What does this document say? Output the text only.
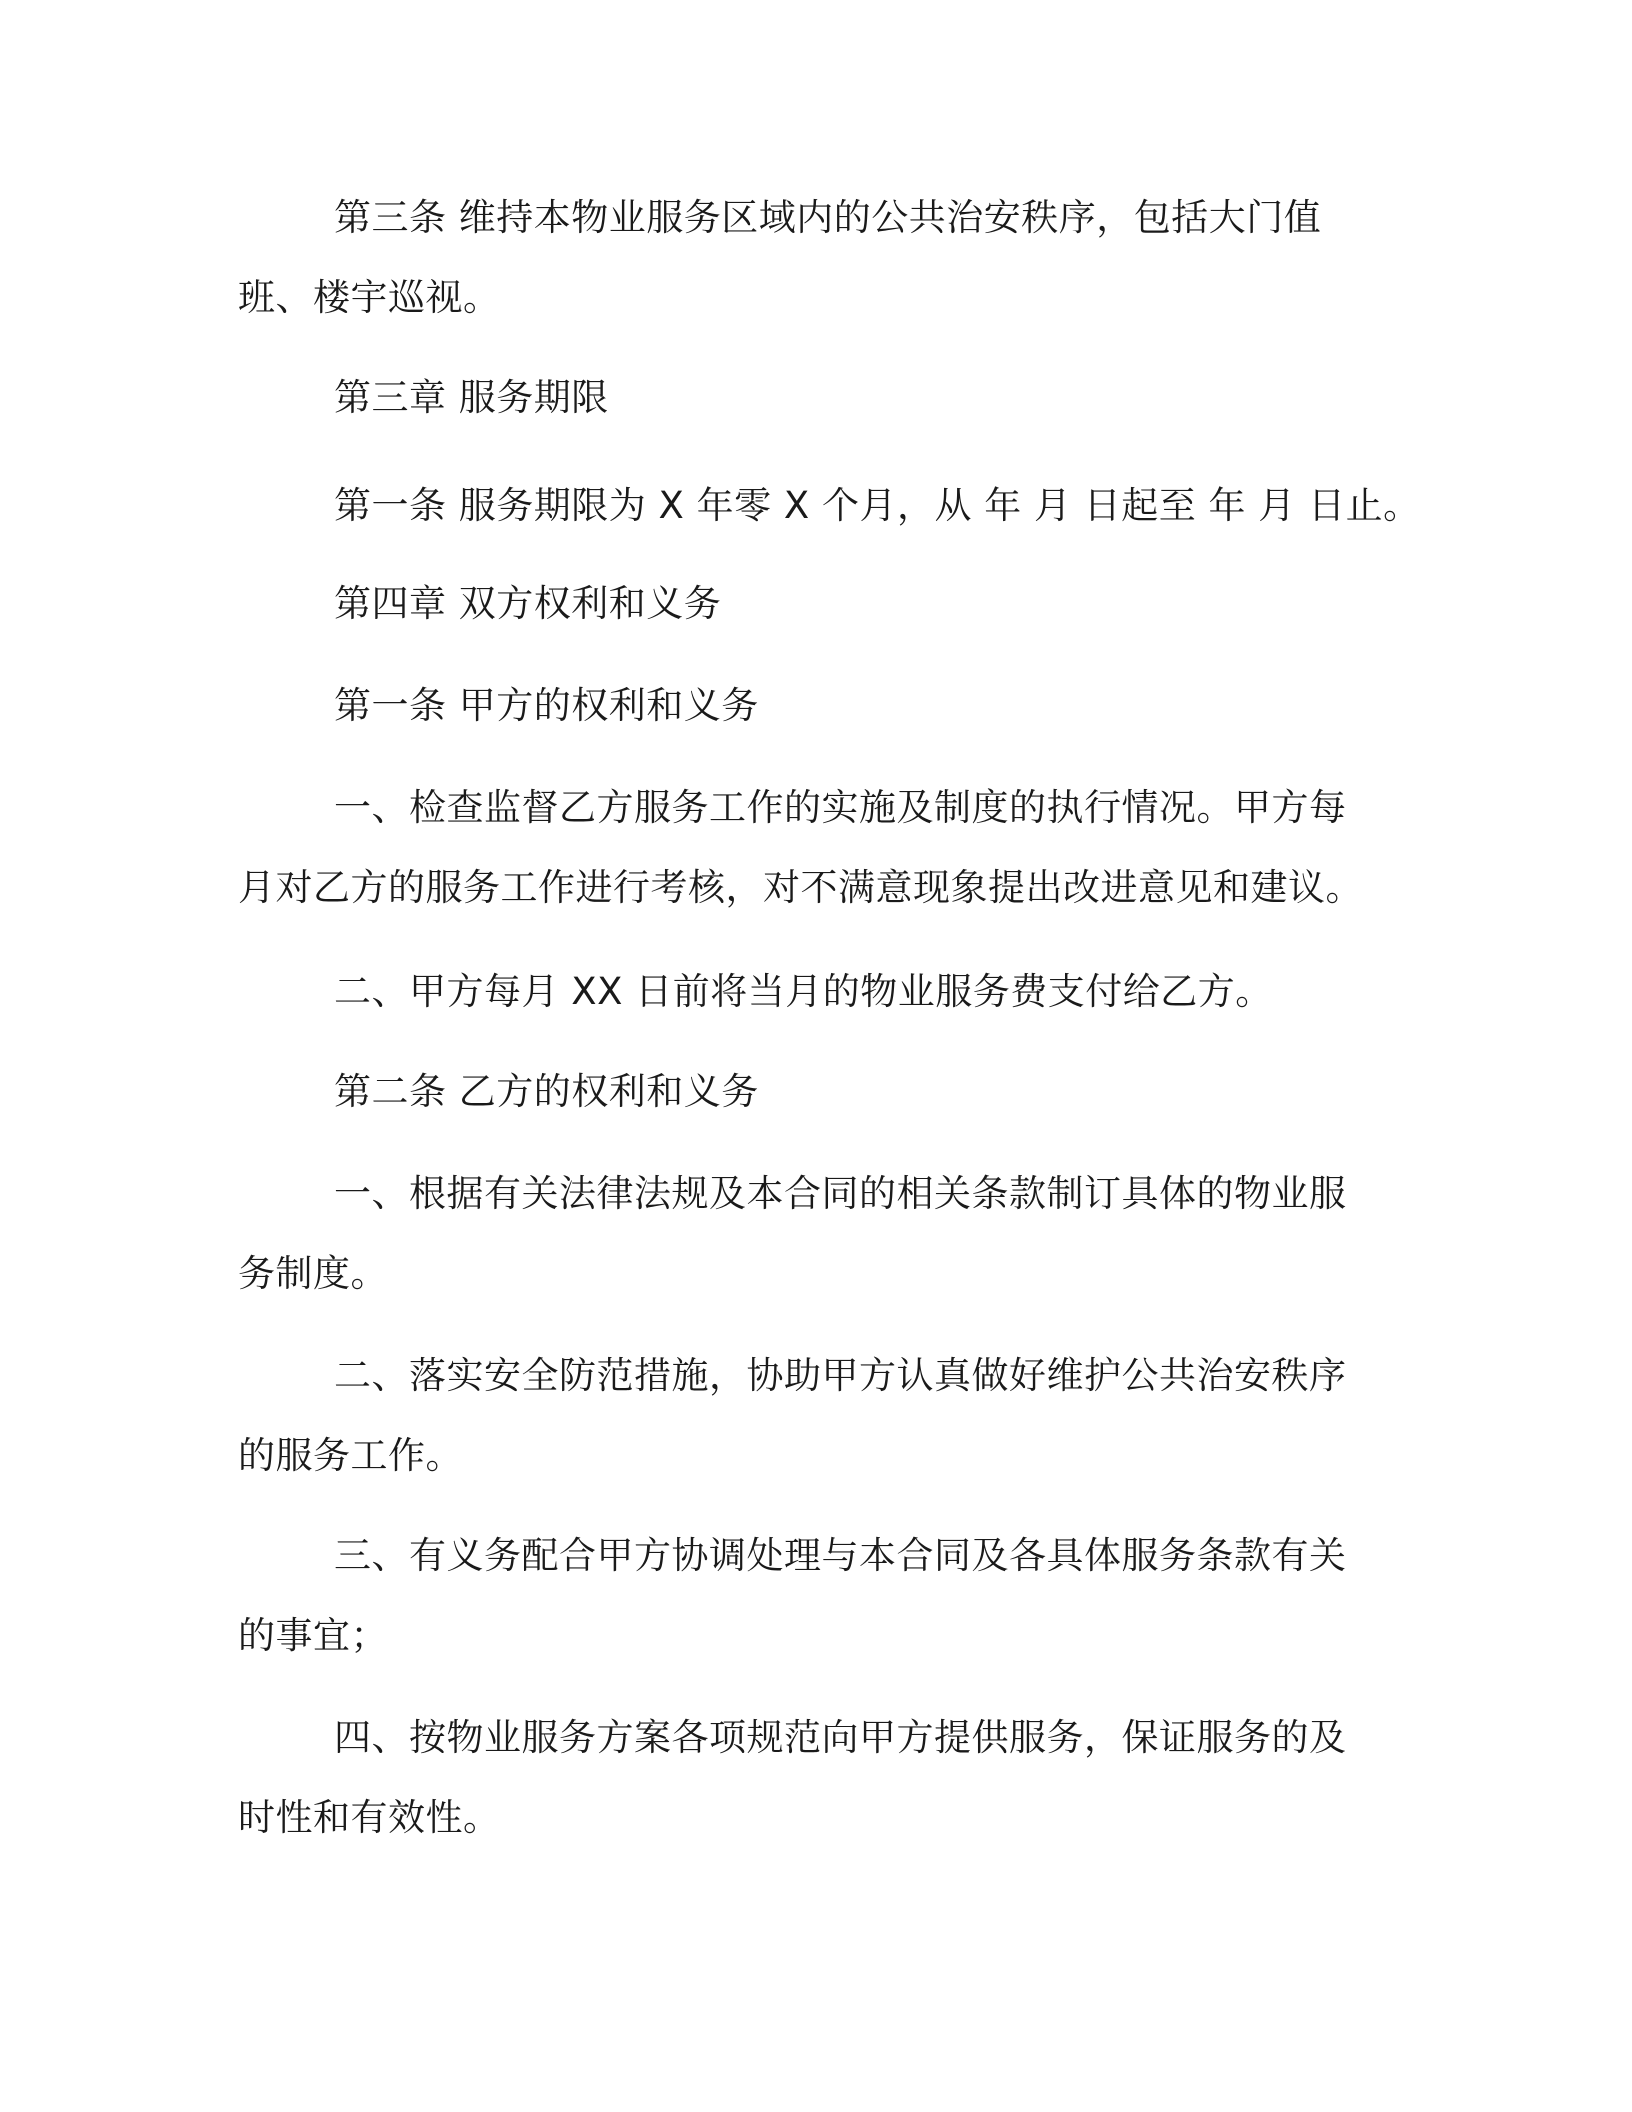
第三条 维持本物业服务区域内的公共治安秩序，包括大门值班、楼宇巡视。

第三章 服务期限

第一条 服务期限为 X 年零 X 个月，从 年 月 日起至 年 月 日止。

第四章 双方权利和义务

第一条 甲方的权利和义务

一、检查监督乙方服务工作的实施及制度的执行情况。甲方每月对乙方的服务工作进行考核，对不满意现象提出改进意见和建议。

二、甲方每月 XX 日前将当月的物业服务费支付给乙方。

第二条 乙方的权利和义务

一、根据有关法律法规及本合同的相关条款制订具体的物业服务制度。

二、落实安全防范措施，协助甲方认真做好维护公共治安秩序的服务工作。

三、有义务配合甲方协调处理与本合同及各具体服务条款有关的事宜；

四、按物业服务方案各项规范向甲方提供服务，保证服务的及时性和有效性。
